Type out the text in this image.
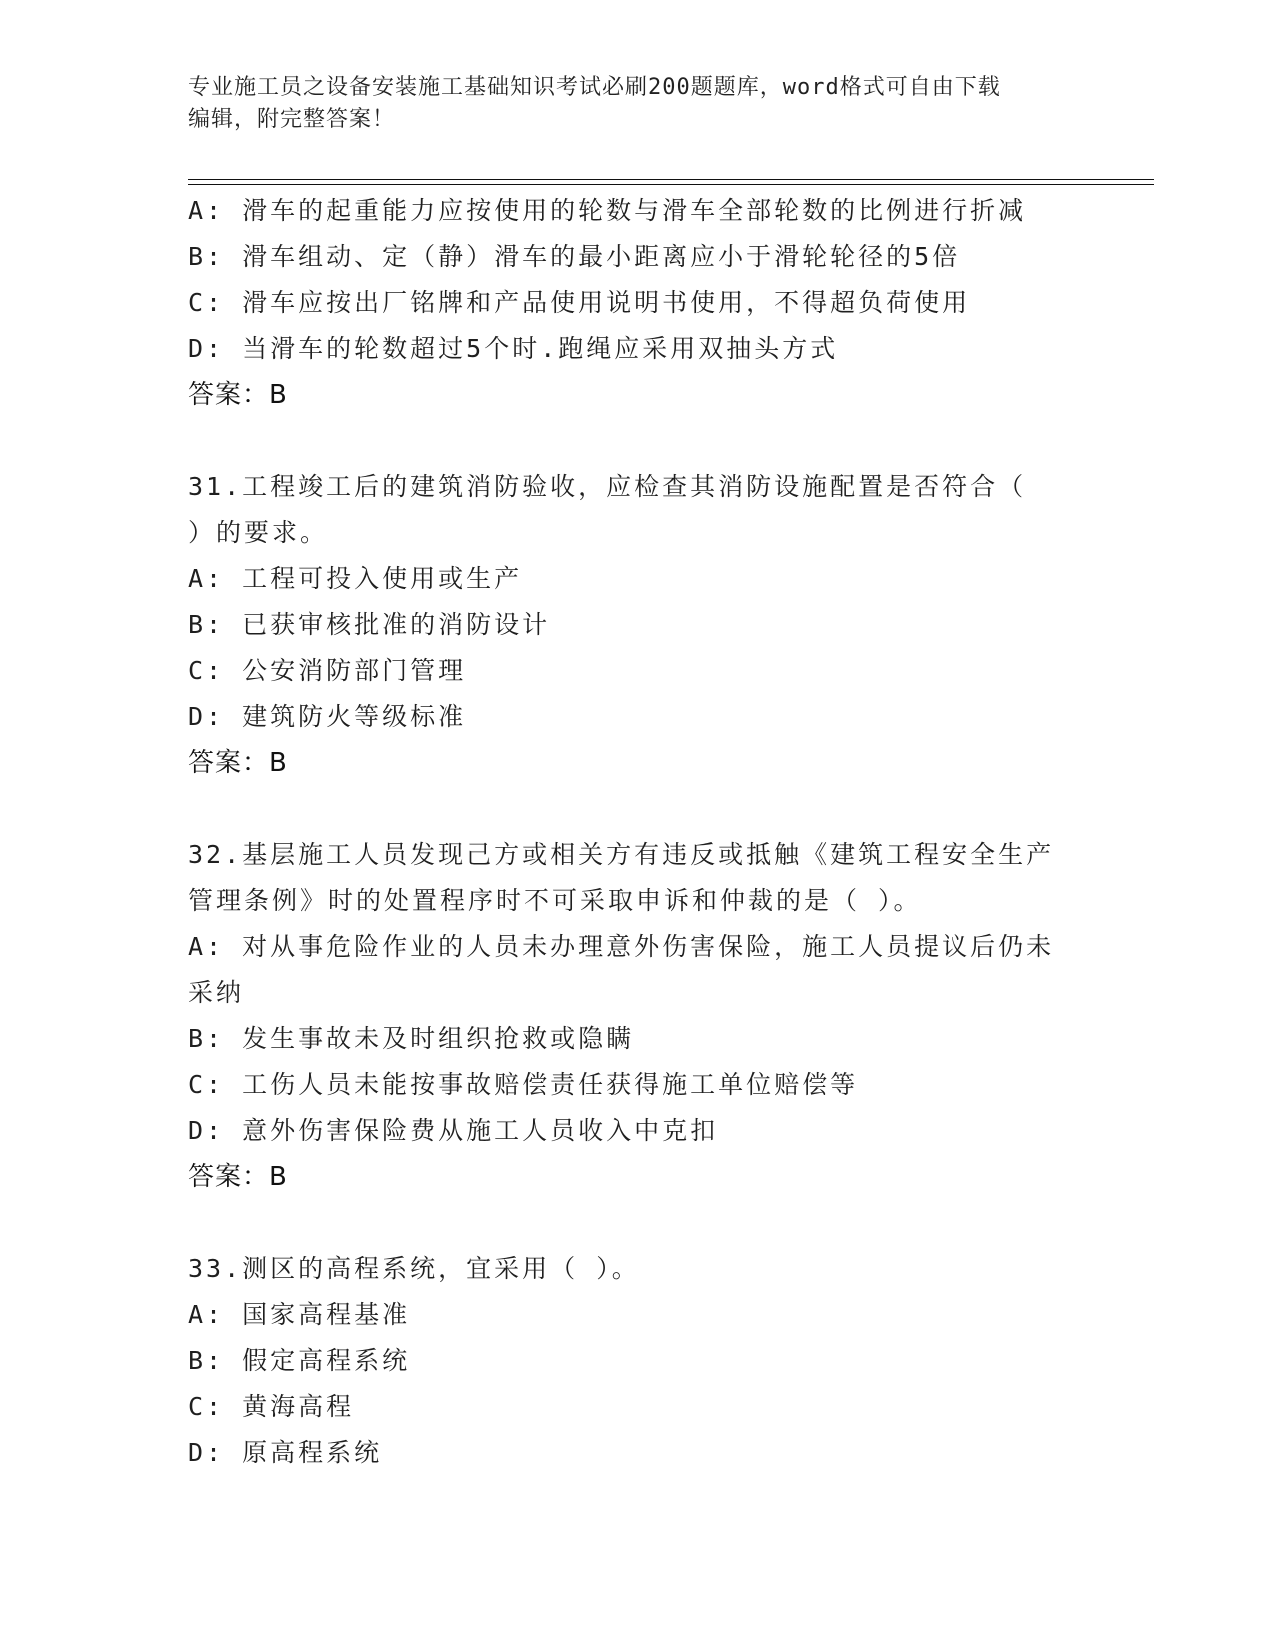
专业施工员之设备安装施工基础知识考试必刷200题题库，word格式可自由下载
编辑，附完整答案！
A: 滑车的起重能力应按使用的轮数与滑车全部轮数的比例进行折减
B: 滑车组动、定（静）滑车的最小距离应小于滑轮轮径的5倍
C: 滑车应按出厂铭牌和产品使用说明书使用，不得超负荷使用
D: 当滑车的轮数超过5个时.跑绳应采用双抽头方式
答案：B
31.工程竣工后的建筑消防验收，应检查其消防设施配置是否符合（
）的要求。
A: 工程可投入使用或生产
B: 已获审核批准的消防设计
C: 公安消防部门管理
D: 建筑防火等级标准
答案：B
32.基层施工人员发现己方或相关方有违反或抵触《建筑工程安全生产
管理条例》时的处置程序时不可采取申诉和仲裁的是（ ）。
A: 对从事危险作业的人员未办理意外伤害保险，施工人员提议后仍未
采纳
B: 发生事故未及时组织抢救或隐瞒
C: 工伤人员未能按事故赔偿责任获得施工单位赔偿等
D: 意外伤害保险费从施工人员收入中克扣
答案：B
33.测区的高程系统，宜采用（ ）。
A: 国家高程基准
B: 假定高程系统
C: 黄海高程
D: 原高程系统
